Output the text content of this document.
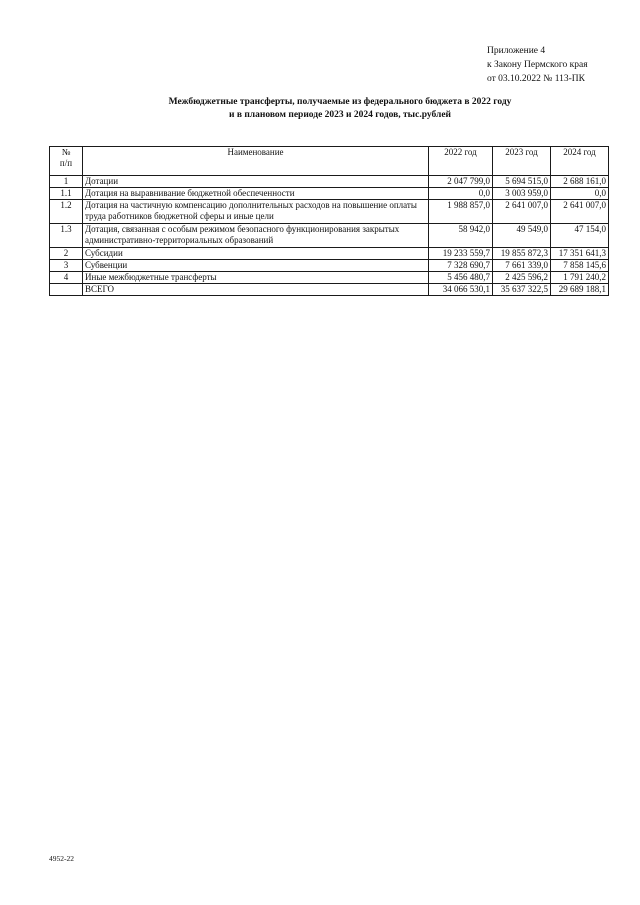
Приложение 4
к Закону Пермского края
от 03.10.2022 № 113-ПК
Межбюджетные трансферты, получаемые из федерального бюджета в 2022 году
и в плановом периоде 2023 и 2024 годов, тыс.рублей
№
п/п	Наименование	2022 год	2023 год	2024 год
1	Дотации	2 047 799,0	5 694 515,0	2 688 161,0
1.1	Дотация на выравнивание бюджетной обеспеченности	0,0	3 003 959,0	0,0
1.2	Дотация на частичную компенсацию дополнительных расходов на повышение оплаты труда работников бюджетной сферы и иные цели	1 988 857,0	2 641 007,0	2 641 007,0
1.3	Дотация, связанная с особым режимом безопасного функционирования закрытых административно-территориальных образований	58 942,0	49 549,0	47 154,0
2	Субсидии	19 233 559,7	19 855 872,3	17 351 641,3
3	Субвенции	7 328 690,7	7 661 339,0	7 858 145,6
4	Иные межбюджетные трансферты	5 456 480,7	2 425 596,2	1 791 240,2
	ВСЕГО	34 066 530,1	35 637 322,5	29 689 188,1
4952-22
